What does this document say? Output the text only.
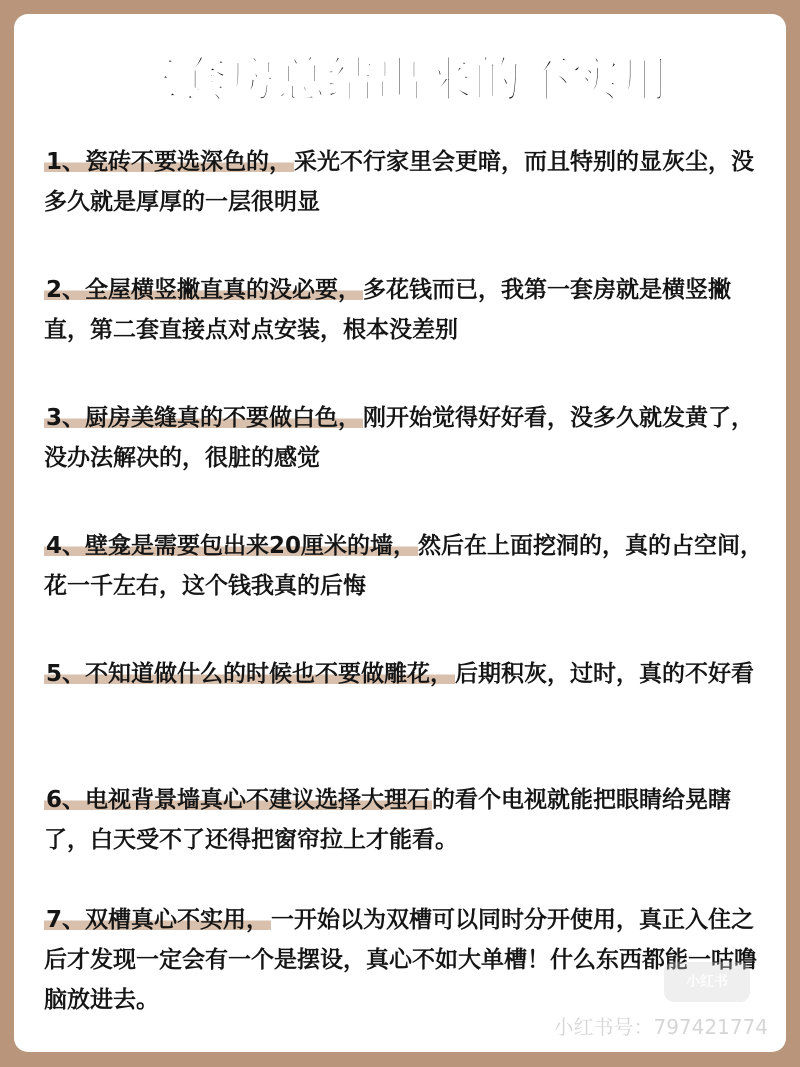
三套房总结出来的不实用
1、瓷砖不要选深色的，采光不行家里会更暗，而且特别的显灰尘，没多久就是厚厚的一层很明显
2、全屋横竖撇直真的没必要，多花钱而已，我第一套房就是横竖撇直，第二套直接点对点安装，根本没差别
3、厨房美缝真的不要做白色，刚开始觉得好好看，没多久就发黄了，没办法解决的，很脏的感觉
4、壁龛是需要包出来20厘米的墙，然后在上面挖洞的，真的占空间，花一千左右，这个钱我真的后悔
5、不知道做什么的时候也不要做雕花，后期积灰，过时，真的不好看
6、电视背景墙真心不建议选择大理石的看个电视就能把眼睛给晃瞎了，白天受不了还得把窗帘拉上才能看。
7、双槽真心不实用，一开始以为双槽可以同时分开使用，真正入住之后才发现一定会有一个是摆设，真心不如大单槽！什么东西都能一咕噜脑放进去。
小红书
小红书号：797421774
